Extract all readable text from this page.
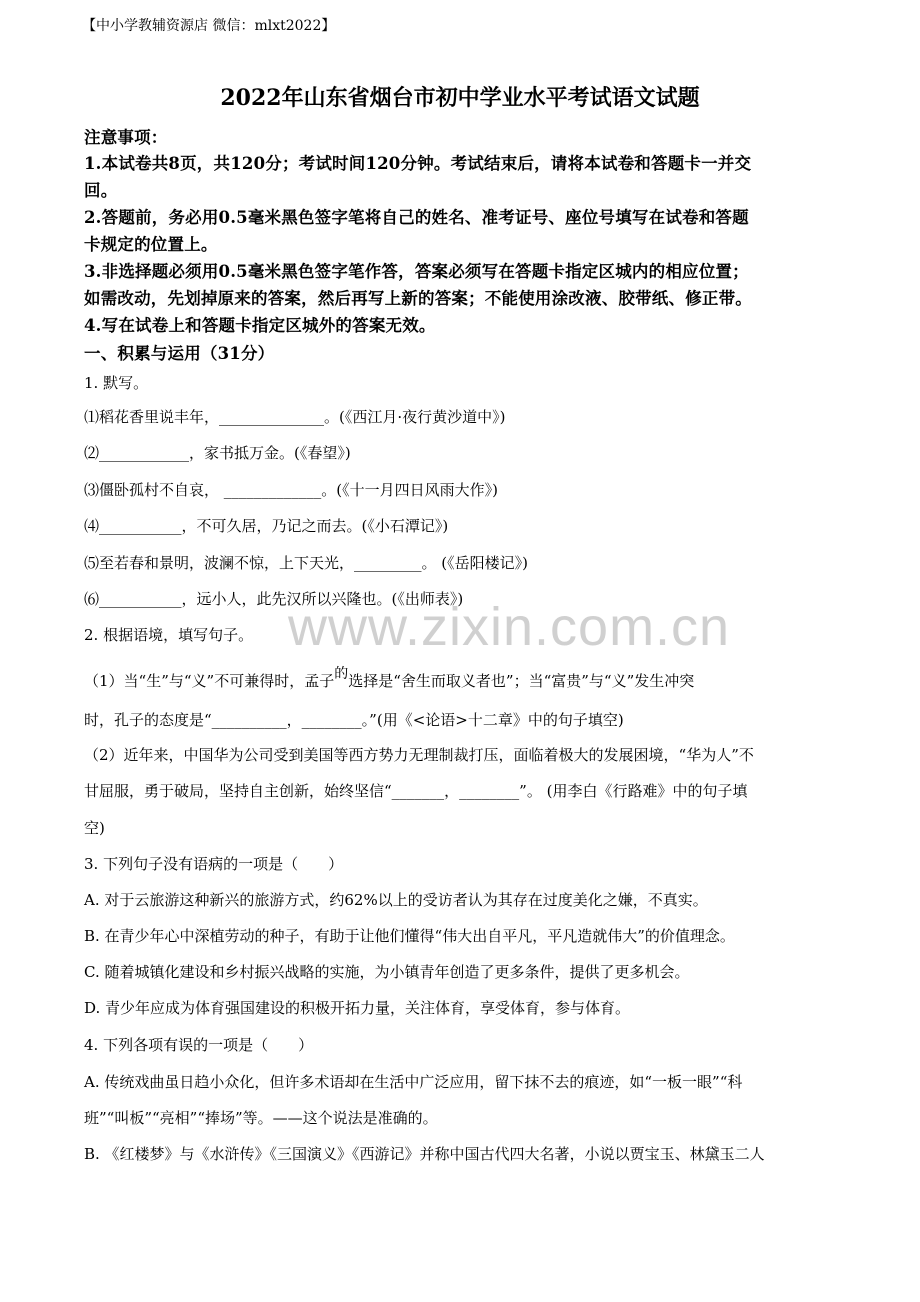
【中小学教辅资源店 微信：mlxt2022】
www.zixin.com.cn
2022年山东省烟台市初中学业水平考试语文试题
注意事项：
1.本试卷共8页，共120分；考试时间120分钟。考试结束后，请将本试卷和答题卡一并交
回。
2.答题前，务必用0.5毫米黑色签字笔将自己的姓名、准考证号、座位号填写在试卷和答题
卡规定的位置上。
3.非选择题必须用0.5毫米黑色签字笔作答，答案必须写在答题卡指定区城内的相应位置；
如需改动，先划掉原来的答案，然后再写上新的答案；不能使用涂改液、胶带纸、修正带。
4.写在试卷上和答题卡指定区城外的答案无效。
一、积累与运用（31分）
1. 默写。
⑴稻花香里说丰年，______________。(《西江月·夜行黄沙道中》)
⑵____________，家书抵万金。(《春望》)
⑶僵卧孤村不自哀， _____________。(《十一月四日风雨大作》)
⑷___________，不可久居，乃记之而去。(《小石潭记》)
⑸至若春和景明，波澜不惊，上下天光，_________。 (《岳阳楼记》)
⑹___________，远小人，此先汉所以兴隆也。(《出师表》)
2. 根据语境，填写句子。
（1）当“生”与“义”不可兼得时，孟子的选择是“舍生而取义者也”；当“富贵”与“义”发生冲突
时，孔子的态度是“__________，________。”(用《<论语>十二章》中的句子填空)
（2）近年来，中国华为公司受到美国等西方势力无理制裁打压，面临着极大的发展困境，“华为人”不
甘屈服，勇于破局，坚持自主创新，始终坚信“_______，________”。 (用李白《行路难》中的句子填
空)
3. 下列句子没有语病的一项是（　　）
A. 对于云旅游这种新兴的旅游方式，约62%以上的受访者认为其存在过度美化之嫌，不真实。
B. 在青少年心中深植劳动的种子，有助于让他们懂得“伟大出自平凡，平凡造就伟大”的价值理念。
C. 随着城镇化建设和乡村振兴战略的实施，为小镇青年创造了更多条件，提供了更多机会。
D. 青少年应成为体育强国建设的积极开拓力量，关注体育，享受体育，参与体育。
4. 下列各项有误的一项是（　　）
A. 传统戏曲虽日趋小众化，但许多术语却在生活中广泛应用，留下抹不去的痕迹，如“一板一眼”“科
班”“叫板”“亮相”“捧场”等。——这个说法是准确的。
B. 《红楼梦》与《水浒传》《三国演义》《西游记》并称中国古代四大名著，小说以贾宝玉、林黛玉二人
